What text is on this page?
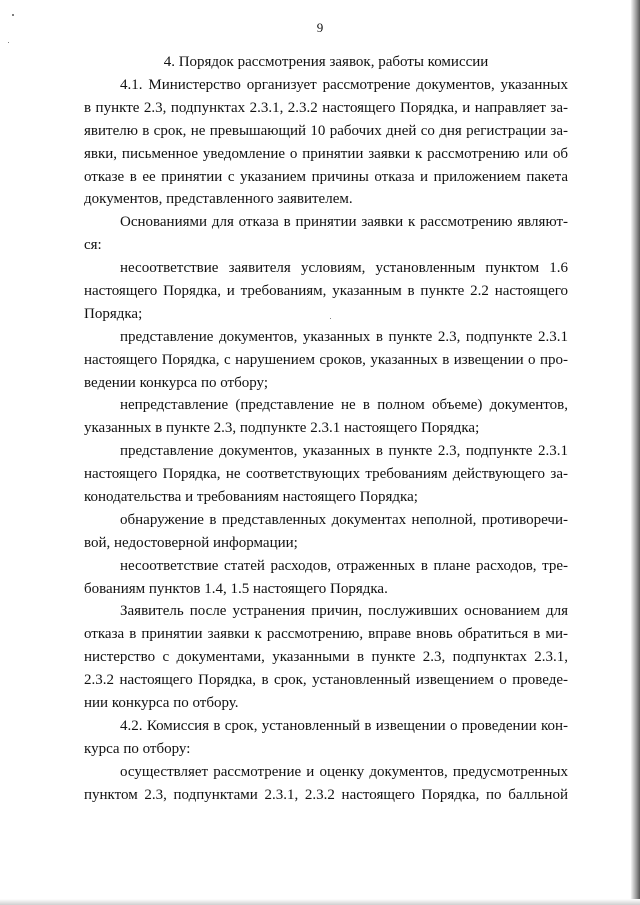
9
4. Порядок рассмотрения заявок, работы комиссии
4.1. Министерство организует рассмотрение документов, указанных
в пункте 2.3, подпунктах 2.3.1, 2.3.2 настоящего Порядка, и направляет за-
явителю в срок, не превышающий 10 рабочих дней со дня регистрации за-
явки, письменное уведомление о принятии заявки к рассмотрению или об
отказе в ее принятии с указанием причины отказа и приложением пакета
документов, представленного заявителем.
Основаниями для отказа в принятии заявки к рассмотрению являют-
ся:
несоответствие заявителя условиям, установленным пунктом 1.6
настоящего Порядка, и требованиям, указанным в пункте 2.2 настоящего
Порядка;
представление документов, указанных в пункте 2.3, подпункте 2.3.1
настоящего Порядка, с нарушением сроков, указанных в извещении о про-
ведении конкурса по отбору;
непредставление (представление не в полном объеме) документов,
указанных в пункте 2.3, подпункте 2.3.1 настоящего Порядка;
представление документов, указанных в пункте 2.3, подпункте 2.3.1
настоящего Порядка, не соответствующих требованиям действующего за-
конодательства и требованиям настоящего Порядка;
обнаружение в представленных документах неполной, противоречи-
вой, недостоверной информации;
несоответствие статей расходов, отраженных в плане расходов, тре-
бованиям пунктов 1.4, 1.5 настоящего Порядка.
Заявитель после устранения причин, послуживших основанием для
отказа в принятии заявки к рассмотрению, вправе вновь обратиться в ми-
нистерство с документами, указанными в пункте 2.3, подпунктах 2.3.1,
2.3.2 настоящего Порядка, в срок, установленный извещением о проведе-
нии конкурса по отбору.
4.2. Комиссия в срок, установленный в извещении о проведении кон-
курса по отбору:
осуществляет рассмотрение и оценку документов, предусмотренных
пунктом 2.3, подпунктами 2.3.1, 2.3.2 настоящего Порядка, по балльной
